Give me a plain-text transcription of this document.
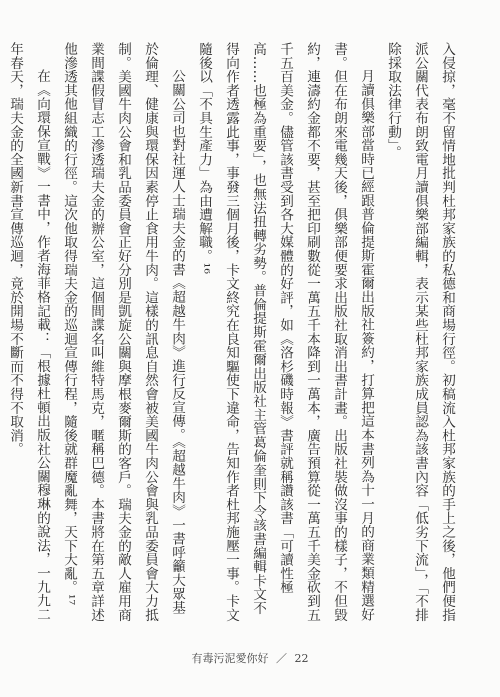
入侵掠，毫不留情地批判杜邦家族的私德和商場行徑。初稿流入杜邦家族的手上之後，他們便指派公關代表布朗致電月讀俱樂部編輯，表示某些杜邦家族成員認為該書內容「低劣下流」，「不排除採取法律行動」。

月讀俱樂部當時已經跟普倫提斯霍爾出版社簽約，打算把這本書列為十一月的商業類精選好書。但在布朗來電幾天後，俱樂部便要求出版社取消出書計畫。出版社裝做沒事的樣子，不但毀約，連濤約金都不要，甚至把印刷數從一萬五千本降到一萬本，廣告預算從一萬五千美金砍到五千五百美金。儘管該書受到各大媒體的好評，如《洛杉磯時報》書評就稱讚該書「可讀性極高……也極為重要」，也無法扭轉劣勢。普倫提斯霍爾出版社主管葛倫奎則下令該書編輯卡文不得向作者透露此事，事發三個月後，卡文終究在良知驅使下違命，告知作者杜邦施壓一事。卡文隨後以「不具生產力」為由遭解職。¹⁶

公關公司也對社運人士瑞夫金的書《超越牛肉》進行反宣傳。《超越牛肉》一書呼籲大眾基於倫理、健康與環保因素停止食用牛肉。這樣的訊息自然會被美國牛肉公會與乳品委員會大力抵制。美國牛肉公會和乳品委員會正好分別是凱旋公關與摩根麥爾斯的客戶。瑞夫金的敵人雇用商業間諜假冒志工滲透瑞夫金的辦公室，這個間諜名叫維特馬克，暱稱巴德。本書將在第五章詳述他滲透其他組織的行徑。這次他取得瑞夫金的巡迴宣傳行程，隨後就群魔亂舞，天下大亂。¹⁷

在《向環保宣戰》一書中，作者海菲格記載：「根據杜頓出版社公關穆琳的說法，一九九二年春天，瑞夫金的全國新書宣傳巡迴，竟於開場不斷而不得不取消。

有毒污泥愛你好 ／ 22
